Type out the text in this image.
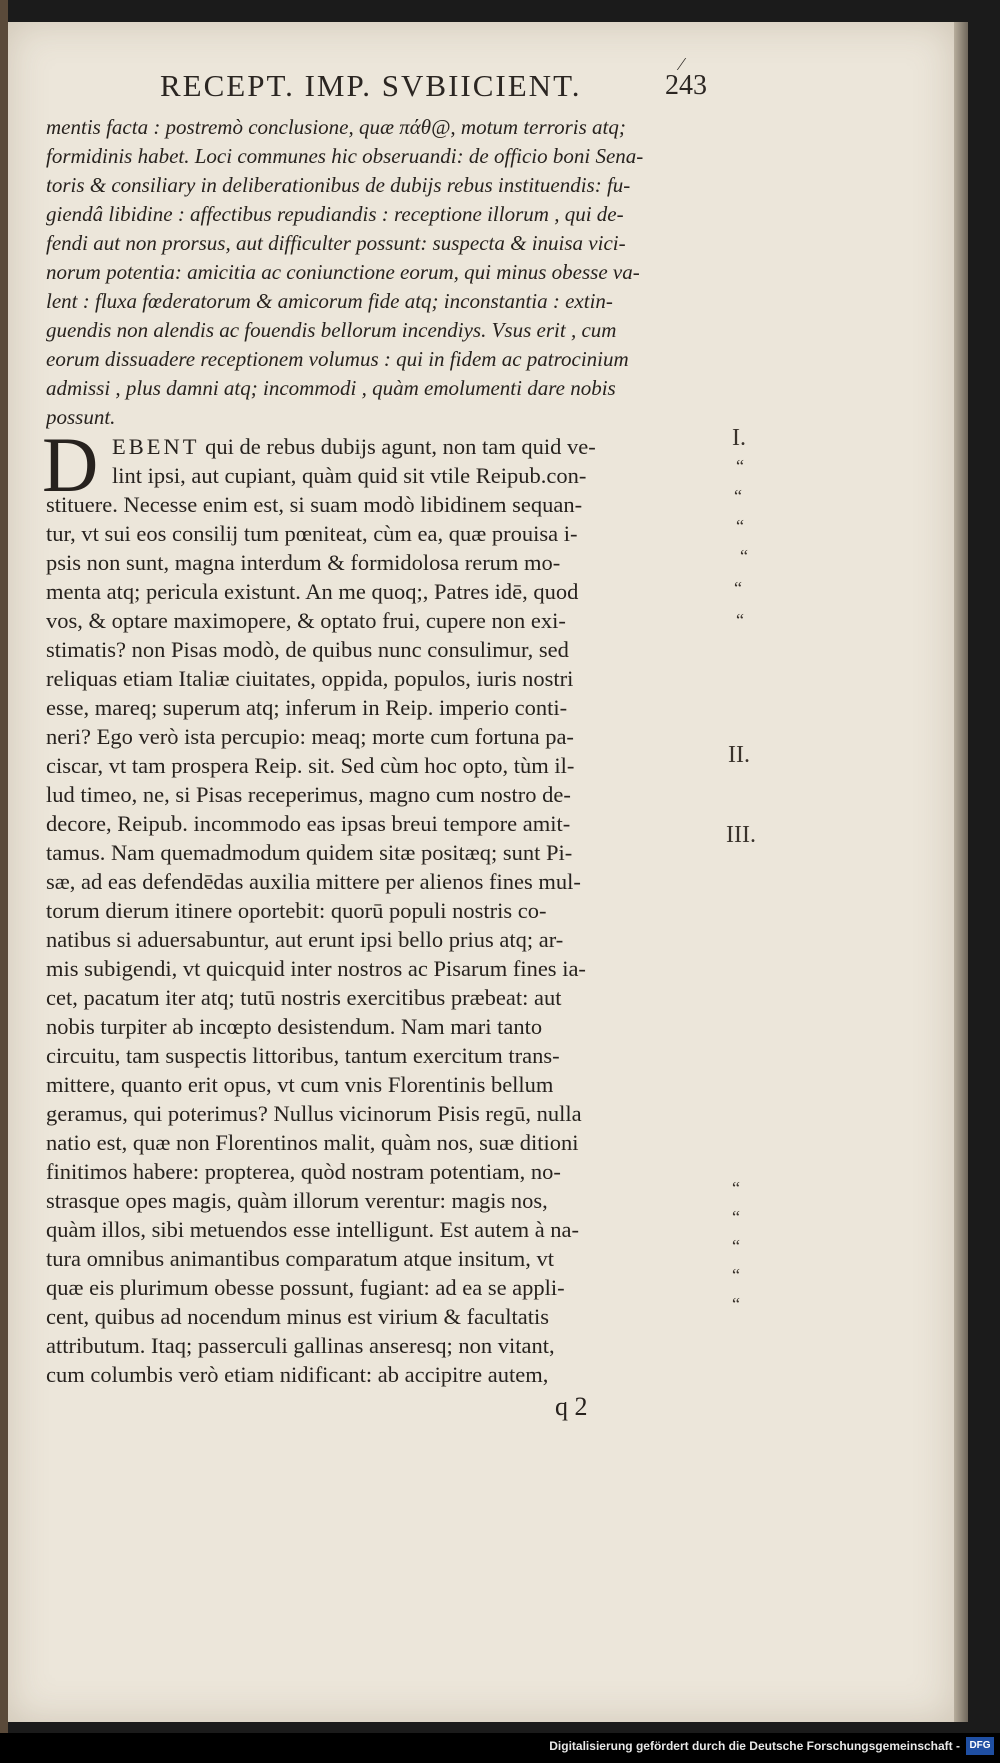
RECEPT. IMP. SVBIICIENT.
⁄
243
mentis facta : postremò conclusione, quæ πάθ@, motum terroris atq;
formidinis habet. Loci communes hic obseruandi: de officio boni Sena-
toris & consiliary in deliberationibus de dubijs rebus instituendis: fu-
giendâ libidine : affectibus repudiandis : receptione illorum , qui de-
fendi aut non prorsus, aut difficulter possunt: suspecta & inuisa vici-
norum potentia: amicitia ac coniunctione eorum, qui minus obesse va-
lent : fluxa fœderatorum & amicorum fide atq; inconstantia : extin-
guendis non alendis ac fouendis bellorum incendiys. Vsus erit , cum
eorum dissuadere receptionem volumus : qui in fidem ac patrocinium
admissi , plus damni atq; incommodi , quàm emolumenti dare nobis
possunt.
D EBENT qui de rebus dubijs agunt, non tam quid ve-
lint ipsi, aut cupiant, quàm quid sit vtile Reipub.con-
stituere. Necesse enim est, si suam modò libidinem sequan-
tur, vt sui eos consilij tum pœniteat, cùm ea, quæ prouisa i-
psis non sunt, magna interdum & formidolosa rerum mo-
menta atq; pericula existunt. An me quoq;, Patres idē, quod
vos, & optare maximopere, & optato frui, cupere non exi-
stimatis? non Pisas modò, de quibus nunc consulimur, sed
reliquas etiam Italiæ ciuitates, oppida, populos, iuris nostri
esse, mareq; superum atq; inferum in Reip. imperio conti-
neri? Ego verò ista percupio: meaq; morte cum fortuna pa-
ciscar, vt tam prospera Reip. sit. Sed cùm hoc opto, tùm il-
lud timeo, ne, si Pisas receperimus, magno cum nostro de-
decore, Reipub. incommodo eas ipsas breui tempore amit-
tamus. Nam quemadmodum quidem sitæ positæq; sunt Pi-
sæ, ad eas defendēdas auxilia mittere per alienos fines mul-
torum dierum itinere oportebit: quorū populi nostris co-
natibus si aduersabuntur, aut erunt ipsi bello prius atq; ar-
mis subigendi, vt quicquid inter nostros ac Pisarum fines ia-
cet, pacatum iter atq; tutū nostris exercitibus præbeat: aut
nobis turpiter ab incœpto desistendum. Nam mari tanto
circuitu, tam suspectis littoribus, tantum exercitum trans-
mittere, quanto erit opus, vt cum vnis Florentinis bellum
geramus, qui poterimus? Nullus vicinorum Pisis regū, nulla
natio est, quæ non Florentinos malit, quàm nos, suæ ditioni
finitimos habere: propterea, quòd nostram potentiam, no-
strasque opes magis, quàm illorum verentur: magis nos,
quàm illos, sibi metuendos esse intelligunt. Est autem à na-
tura omnibus animantibus comparatum atque insitum, vt
quæ eis plurimum obesse possunt, fugiant: ad ea se appli-
cent, quibus ad nocendum minus est virium & facultatis
attributum. Itaq; passerculi gallinas anseresq; non vitant,
cum columbis verò etiam nidificant: ab accipitre autem,
I.
“
“
“
“
“
“
II.
III.
“
“
“
“
“
q 2
Digitalisierung gefördert durch die Deutsche Forschungsgemeinschaft - DFG
